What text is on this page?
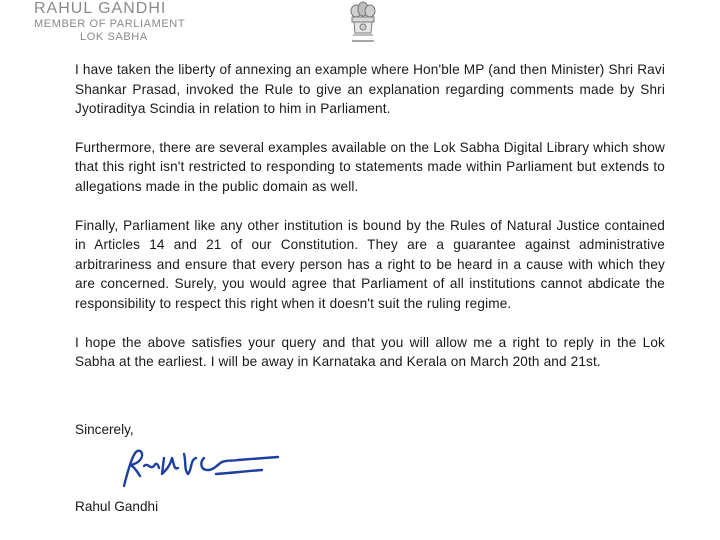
RAHUL GANDHI
MEMBER OF PARLIAMENT
LOK SABHA

I have taken the liberty of annexing an example where Hon'ble MP (and then Minister) Shri Ravi Shankar Prasad, invoked the Rule to give an explanation regarding comments made by Shri Jyotiraditya Scindia in relation to him in Parliament.

Furthermore, there are several examples available on the Lok Sabha Digital Library which show that this right isn't restricted to responding to statements made within Parliament but extends to allegations made in the public domain as well.

Finally, Parliament like any other institution is bound by the Rules of Natural Justice contained in Articles 14 and 21 of our Constitution. They are a guarantee against administrative arbitrariness and ensure that every person has a right to be heard in a cause with which they are concerned. Surely, you would agree that Parliament of all institutions cannot abdicate the responsibility to respect this right when it doesn't suit the ruling regime.

I hope the above satisfies your query and that you will allow me a right to reply in the Lok Sabha at the earliest. I will be away in Karnataka and Kerala on March 20th and 21st.

Sincerely,
Rahul Gandhi
